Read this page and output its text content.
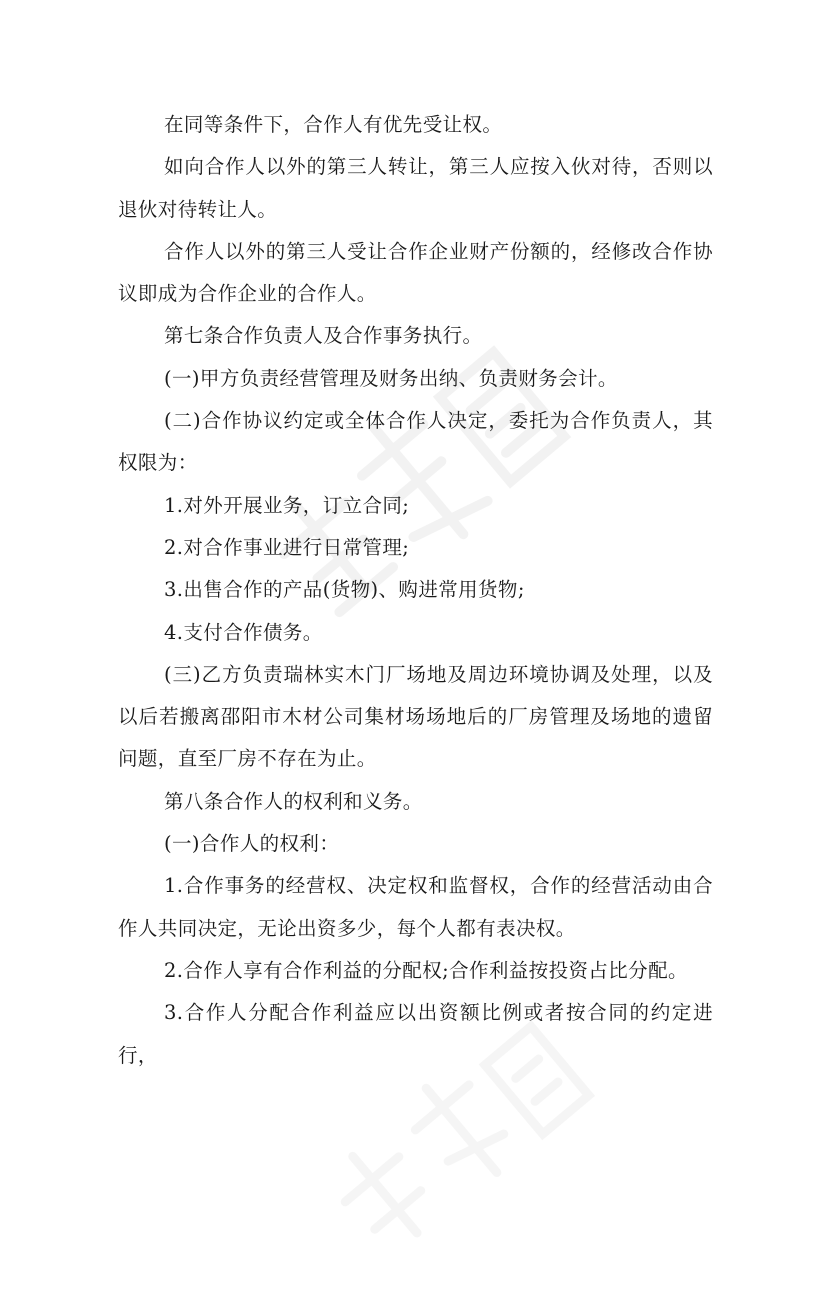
在同等条件下，合作人有优先受让权。

如向合作人以外的第三人转让，第三人应按入伙对待，否则以退伙对待转让人。

合作人以外的第三人受让合作企业财产份额的，经修改合作协议即成为合作企业的合作人。

第七条合作负责人及合作事务执行。

(一)甲方负责经营管理及财务出纳、负责财务会计。

(二)合作协议约定或全体合作人决定，委托为合作负责人，其权限为：

1.对外开展业务，订立合同;

2.对合作事业进行日常管理;

3.出售合作的产品(货物)、购进常用货物;

4.支付合作债务。

(三)乙方负责瑞林实木门厂场地及周边环境协调及处理，以及以后若搬离邵阳市木材公司集材场场地后的厂房管理及场地的遗留问题，直至厂房不存在为止。

第八条合作人的权利和义务。

(一)合作人的权利：

1.合作事务的经营权、决定权和监督权，合作的经营活动由合作人共同决定，无论出资多少，每个人都有表决权。

2.合作人享有合作利益的分配权;合作利益按投资占比分配。

3.合作人分配合作利益应以出资额比例或者按合同的约定进行，
